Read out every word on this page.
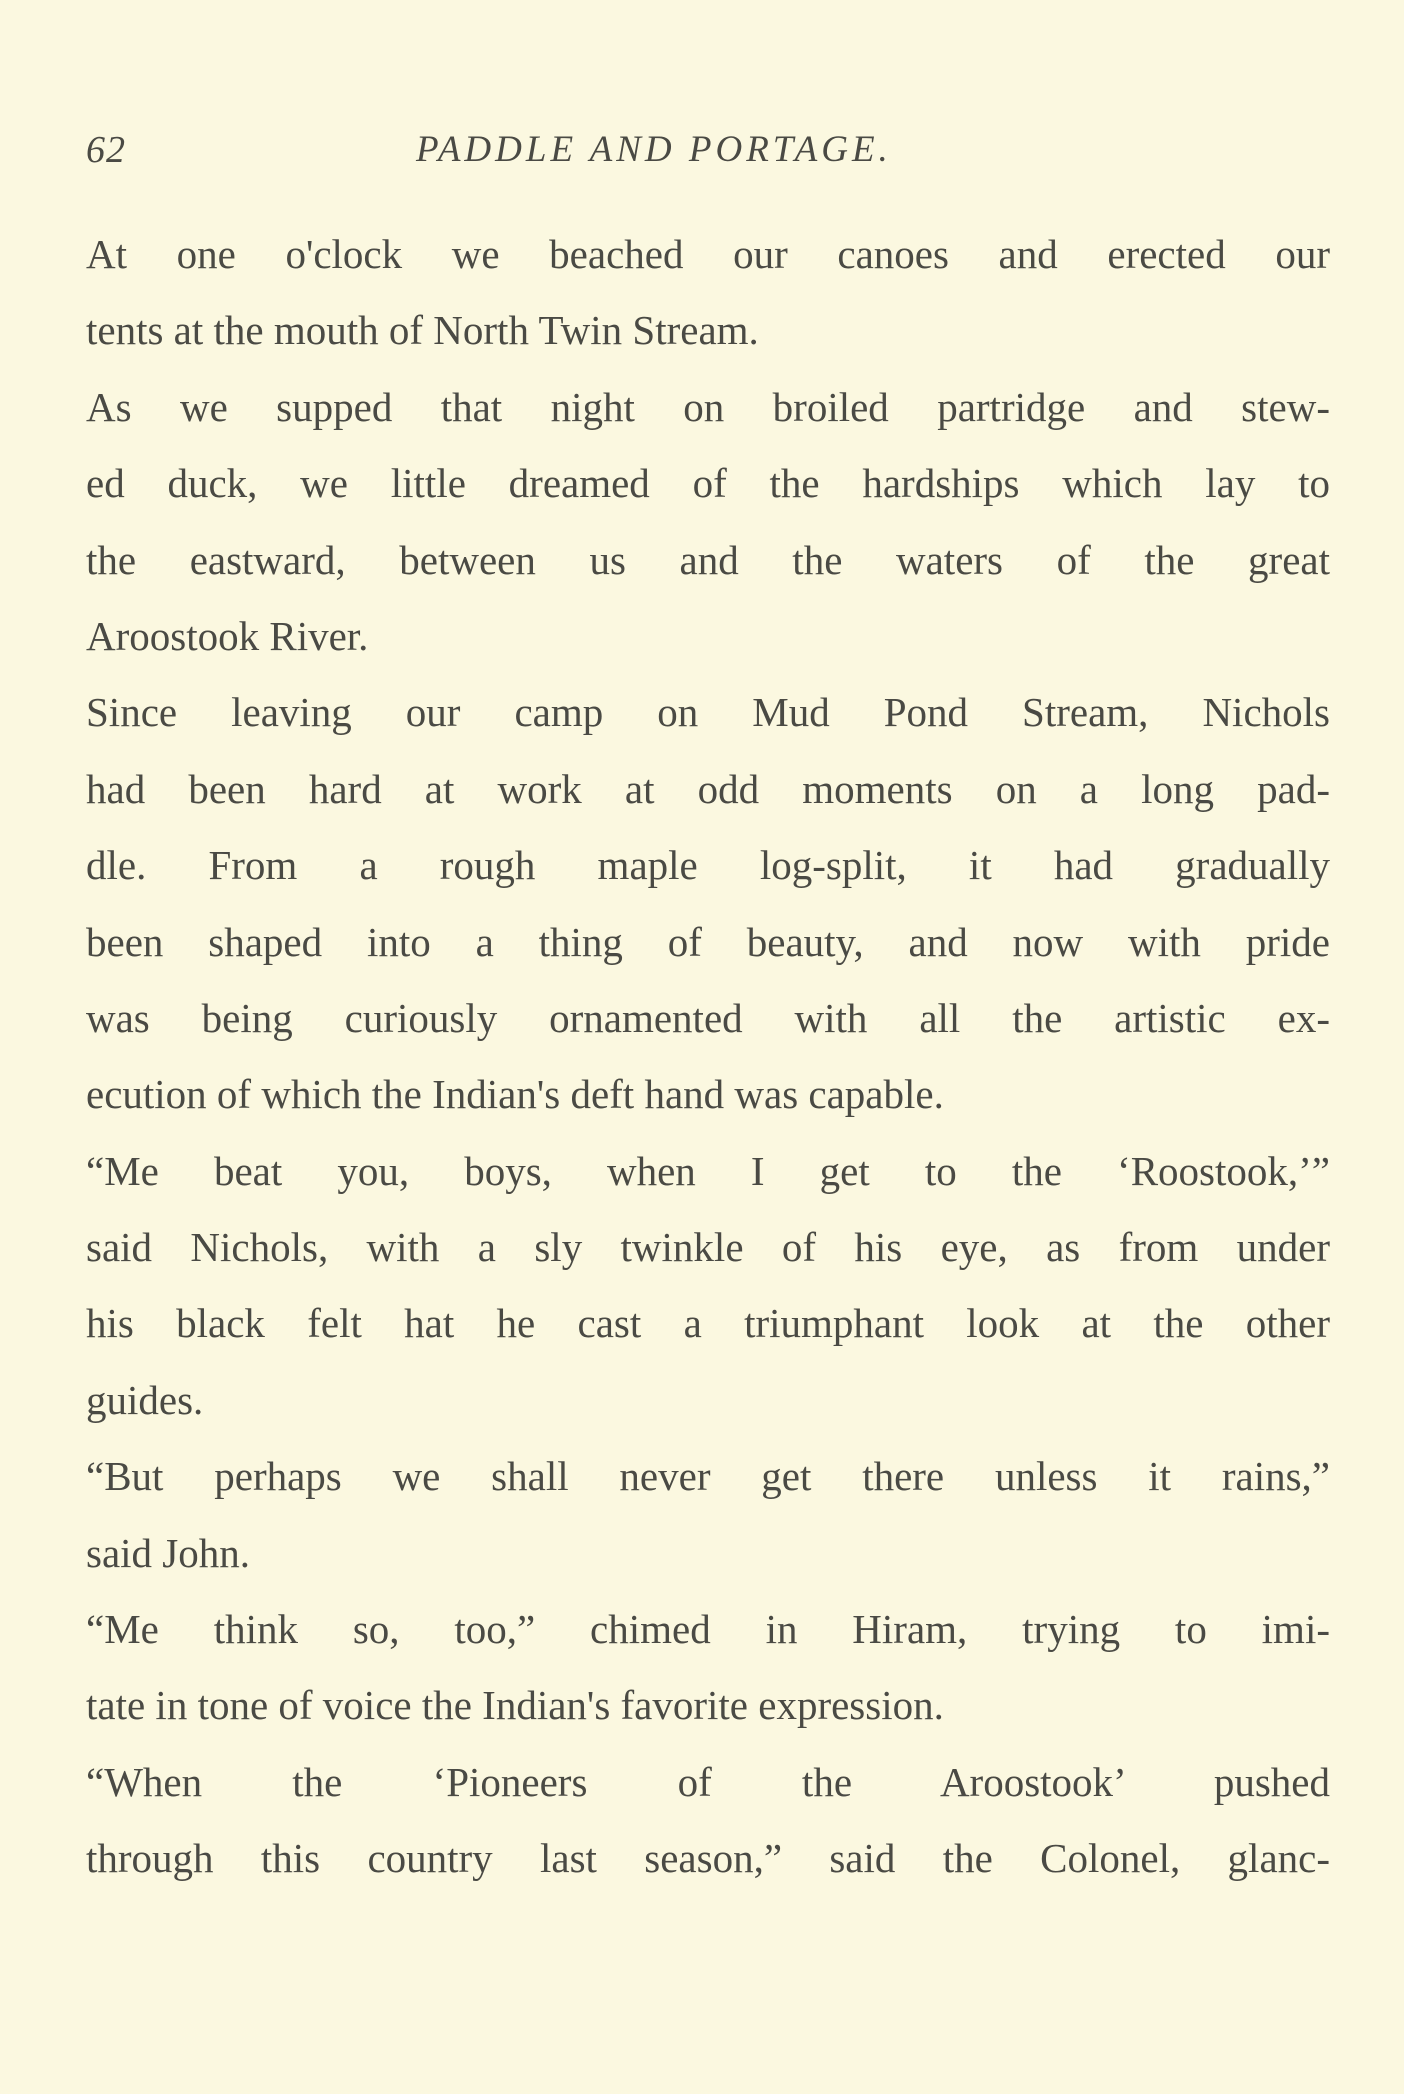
62	PADDLE AND PORTAGE.
At one o'clock we beached our canoes and erected our
tents at the mouth of North Twin Stream.
As we supped that night on broiled partridge and stew-
ed duck, we little dreamed of the hardships which lay to
the eastward, between us and the waters of the great
Aroostook River.
Since leaving our camp on Mud Pond Stream, Nichols
had been hard at work at odd moments on a long pad-
dle. From a rough maple log-split, it had gradually
been shaped into a thing of beauty, and now with pride
was being curiously ornamented with all the artistic ex-
ecution of which the Indian's deft hand was capable.
“Me beat you, boys, when I get to the ‘Roostook,’”
said Nichols, with a sly twinkle of his eye, as from under
his black felt hat he cast a triumphant look at the other
guides.
“But perhaps we shall never get there unless it rains,”
said John.
“Me think so, too,” chimed in Hiram, trying to imi-
tate in tone of voice the Indian's favorite expression.
“When the ‘Pioneers of the Aroostook’ pushed
through this country last season,” said the Colonel, glanc-
